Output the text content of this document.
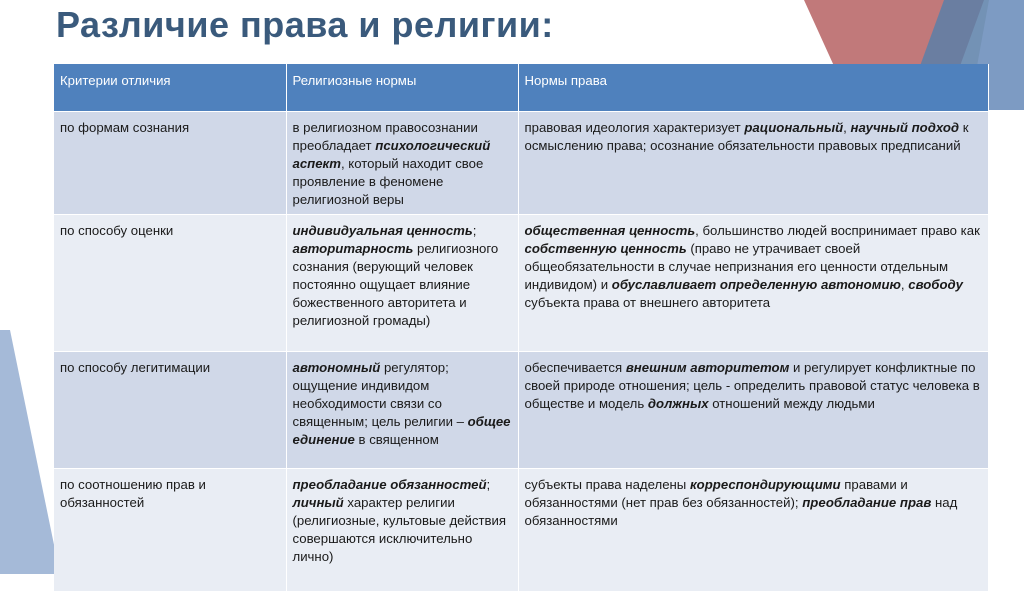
Различие права и религии:
Критерии отличия	Религиозные нормы	Нормы права
по формам сознания	в религиозном правосознании преобладает психологический аспект, который находит свое проявление в феномене религиозной веры	правовая идеология характеризует рациональный, научный подход к осмыслению права; осознание обязательности правовых предписаний
по способу оценки	индивидуальная ценность; авторитарность религиозного сознания (верующий человек постоянно ощущает влияние божественного авторитета и религиозной громады)	общественная ценность, большинство людей воспринимает право как собственную ценность (право не утрачивает своей общеобязательности в случае непризнания его ценности отдельным индивидом) и обуславливает определенную автономию, свободу субъекта права от внешнего авторитета
по способу легитимации	автономный регулятор; ощущение индивидом необходимости связи со священным; цель религии – общее единение в священном	обеспечивается внешним авторитетом и регулирует конфликтные по своей природе отношения; цель - определить правовой статус человека в обществе и модель должных отношений между людьми
по соотношению прав и обязанностей	преобладание обязанностей; личный характер религии (религиозные, культовые действия совершаются исключительно лично)	субъекты права наделены корреспондирующими правами и обязанностями (нет прав без обязанностей); преобладание прав над обязанностями
